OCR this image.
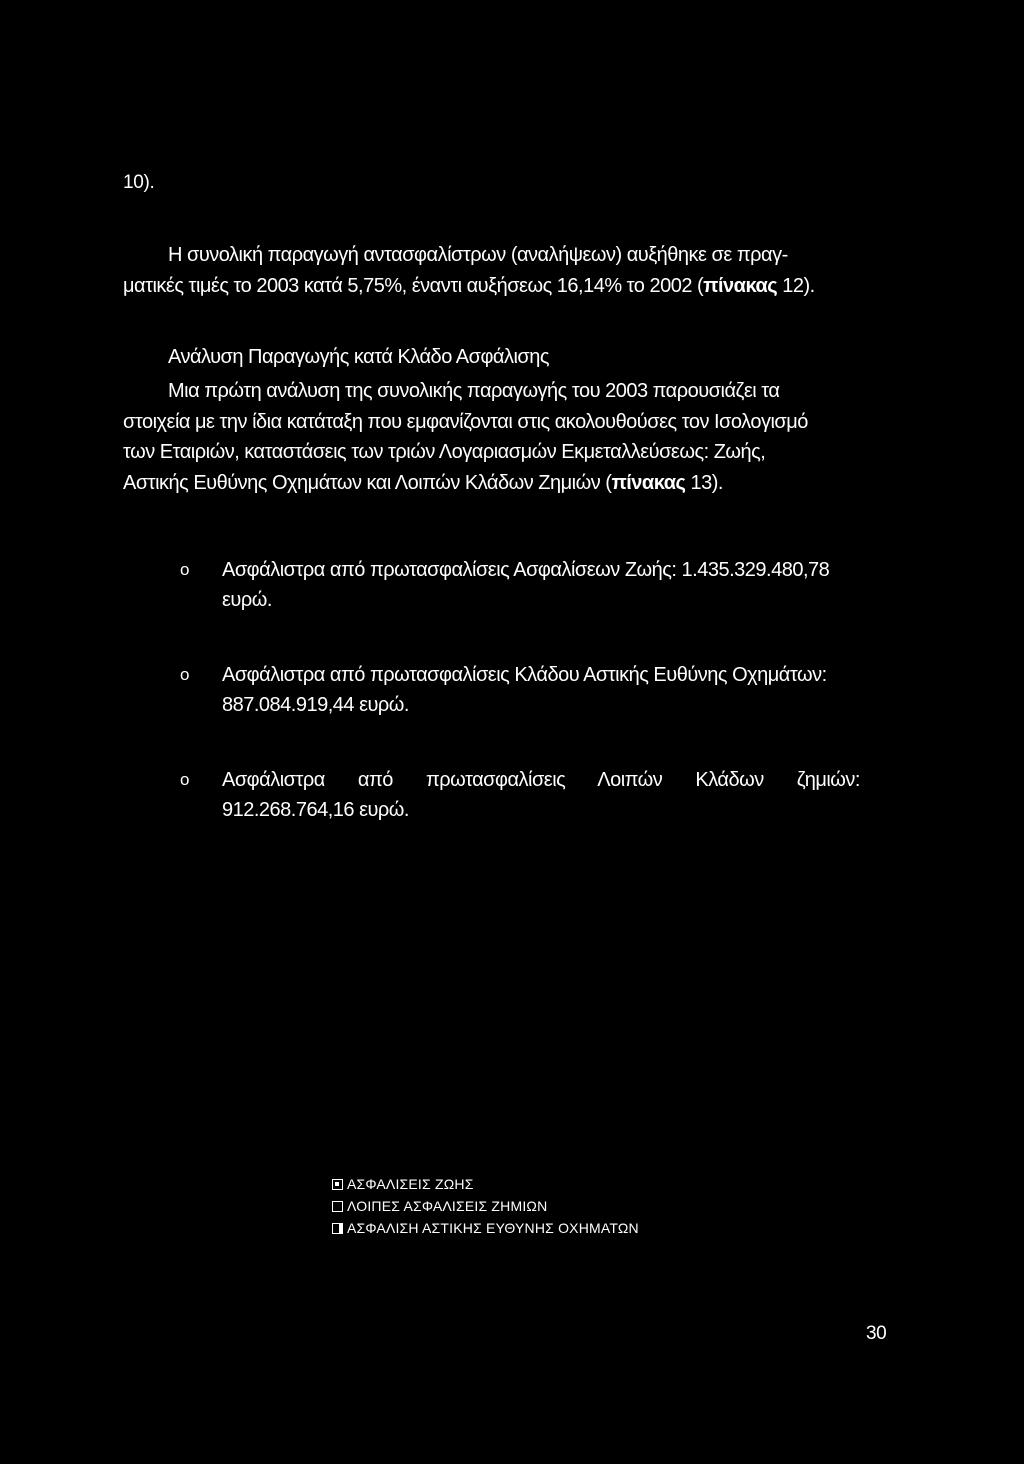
10).
Η συνολική παραγωγή αντασφαλίστρων (αναλήψεων) αυξήθηκε σε πραγ-
ματικές τιμές το 2003 κατά 5,75%, έναντι αυξήσεως 16,14% το 2002 (πίνακας 12).
Ανάλυση Παραγωγής κατά Κλάδο Ασφάλισης
Μια πρώτη ανάλυση της συνολικής παραγωγής του 2003 παρουσιάζει τα
στοιχεία με την ίδια κατάταξη που εμφανίζονται στις ακολουθούσες τον Ισολογισμό
των Εταιριών, καταστάσεις των τριών Λογαριασμών Εκμεταλλεύσεως: Ζωής,
Αστικής Ευθύνης Οχημάτων και Λοιπών Κλάδων Ζημιών (πίνακας 13).
o Ασφάλιστρα από πρωτασφαλίσεις Ασφαλίσεων Ζωής: 1.435.329.480,78
ευρώ.
o Ασφάλιστρα από πρωτασφαλίσεις Κλάδου Αστικής Ευθύνης Οχημάτων:
887.084.919,44 ευρώ.
o Ασφάλιστρα από πρωτασφαλίσεις Λοιπών Κλάδων ζημιών:
912.268.764,16 ευρώ.
ΑΣΦΑΛΙΣΕΙΣ ΖΩΗΣ
ΛΟΙΠΕΣ ΑΣΦΑΛΙΣΕΙΣ ΖΗΜΙΩΝ
ΑΣΦΑΛΙΣΗ ΑΣΤΙΚΗΣ ΕΥΘΥΝΗΣ ΟΧΗΜΑΤΩΝ
30
